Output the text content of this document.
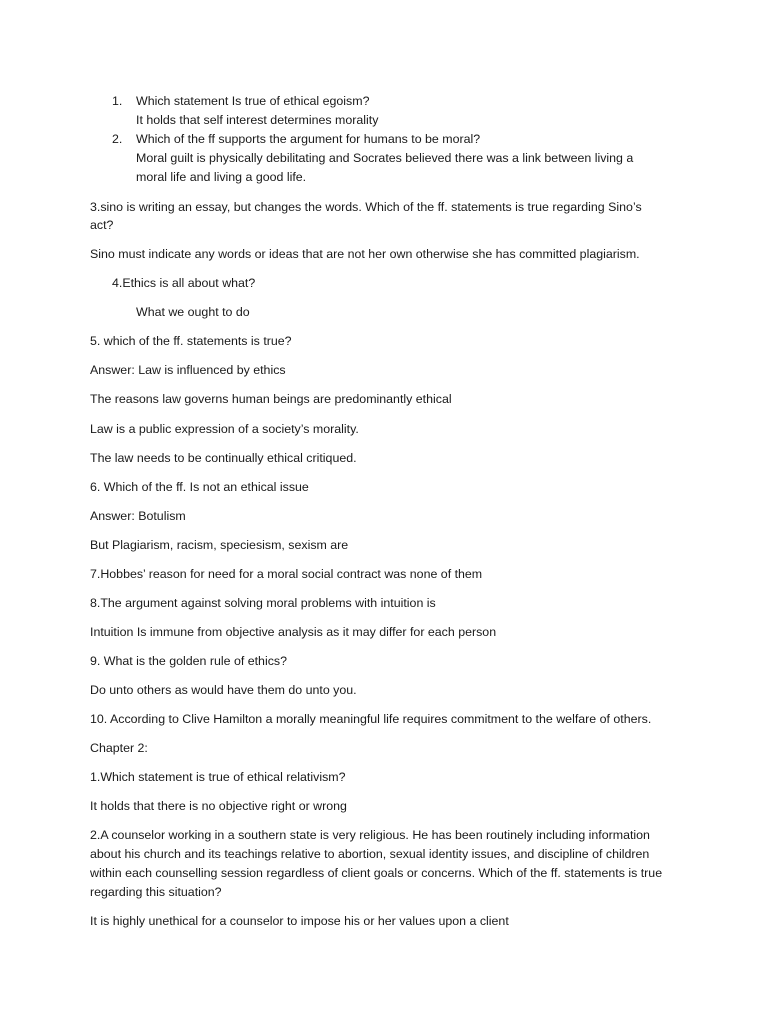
1. Which statement Is true of ethical egoism?
It holds that self interest determines morality
2. Which of the ff supports the argument for humans to be moral?
Moral guilt is physically debilitating and Socrates believed there was a link between living a
moral life and living a good life.
3.sino is writing an essay, but changes the words. Which of the ff. statements is true regarding Sino’s
act?
Sino must indicate any words or ideas that are not her own otherwise she has committed plagiarism.
4.Ethics is all about what?
What we ought to do
5. which of the ff. statements is true?
Answer: Law is influenced by ethics
The reasons law governs human beings are predominantly ethical
Law is a public expression of a society’s morality.
The law needs to be continually ethical critiqued.
6. Which of the ff. Is not an ethical issue
Answer: Botulism
But Plagiarism, racism, speciesism, sexism are
7.Hobbes’ reason for need for a moral social contract was none of them
8.The argument against solving moral problems with intuition is
Intuition Is immune from objective analysis as it may differ for each person
9. What is the golden rule of ethics?
Do unto others as would have them do unto you.
10. According to Clive Hamilton a morally meaningful life requires commitment to the welfare of others.
Chapter 2:
1.Which statement is true of ethical relativism?
It holds that there is no objective right or wrong
2.A counselor working in a southern state is very religious. He has been routinely including information
about his church and its teachings relative to abortion, sexual identity issues, and discipline of children
within each counselling session regardless of client goals or concerns. Which of the ff. statements is true
regarding this situation?
It is highly unethical for a counselor to impose his or her values upon a client
